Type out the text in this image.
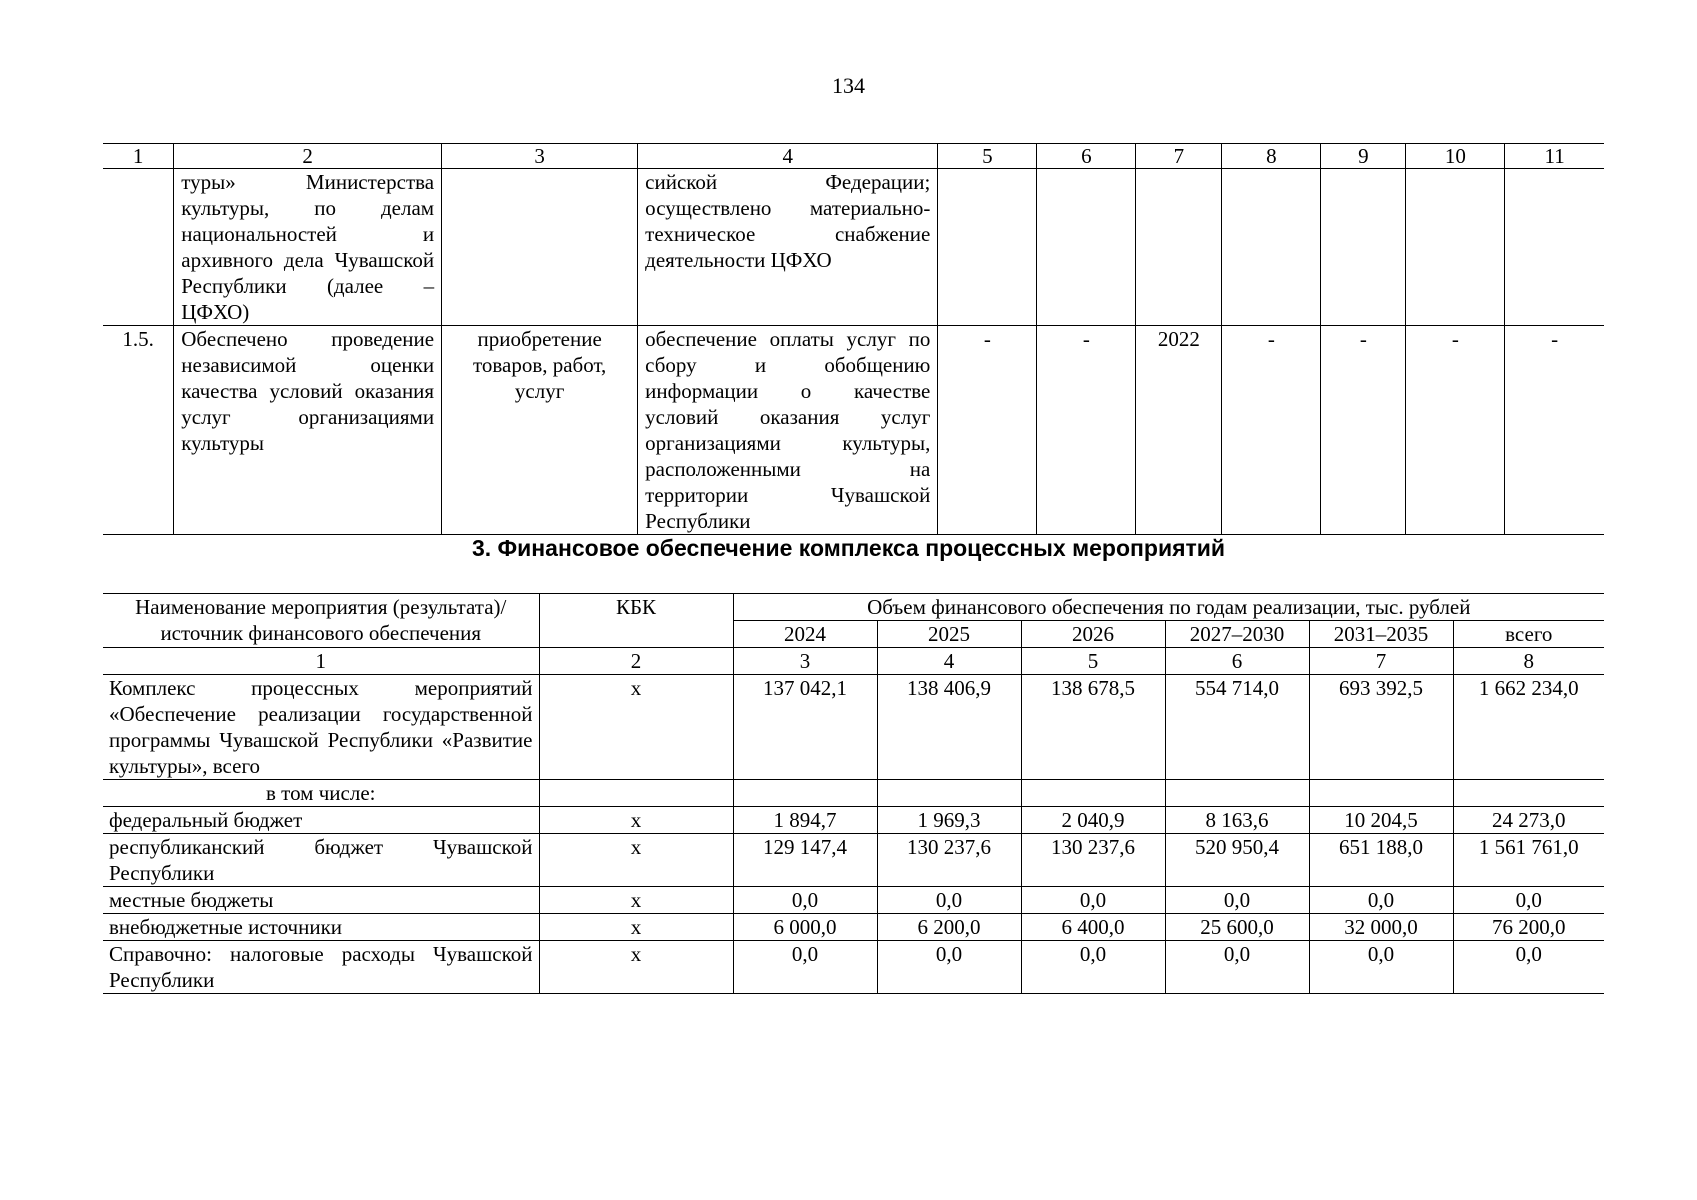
134
1	2	3	4	5	6	7	8	9	10	11
	туры» Министерства культуры, по делам национальностей и архивного дела Чувашской Республики (далее – ЦФХО)		сийской Федерации; осуществлено материально-техническое снабжение деятельности ЦФХО							
1.5.	Обеспечено проведение независимой оценки качества условий оказания услуг организациями культуры	приобретение товаров, работ, услуг	обеспечение оплаты услуг по сбору и обобщению информации о качестве условий оказания услуг организациями культуры, расположенными на территории Чувашской Республики	-	-	2022	-	-	-	-
3. Финансовое обеспечение комплекса процессных мероприятий
Наименование мероприятия (результата)/ источник финансового обеспечения	КБК	Объем финансового обеспечения по годам реализации, тыс. рублей					
		2024	2025	2026	2027–2030	2031–2035	всего
1	2	3	4	5	6	7	8
Комплекс процессных мероприятий «Обеспечение реализации государственной программы Чувашской Республики «Развитие культуры», всего	х	137 042,1	138 406,9	138 678,5	554 714,0	693 392,5	1 662 234,0
в том числе:							
федеральный бюджет	х	1 894,7	1 969,3	2 040,9	8 163,6	10 204,5	24 273,0
республиканский бюджет Чувашской Республики	х	129 147,4	130 237,6	130 237,6	520 950,4	651 188,0	1 561 761,0
местные бюджеты	х	0,0	0,0	0,0	0,0	0,0	0,0
внебюджетные источники	х	6 000,0	6 200,0	6 400,0	25 600,0	32 000,0	76 200,0
Справочно: налоговые расходы Чувашской Республики	х	0,0	0,0	0,0	0,0	0,0	0,0
